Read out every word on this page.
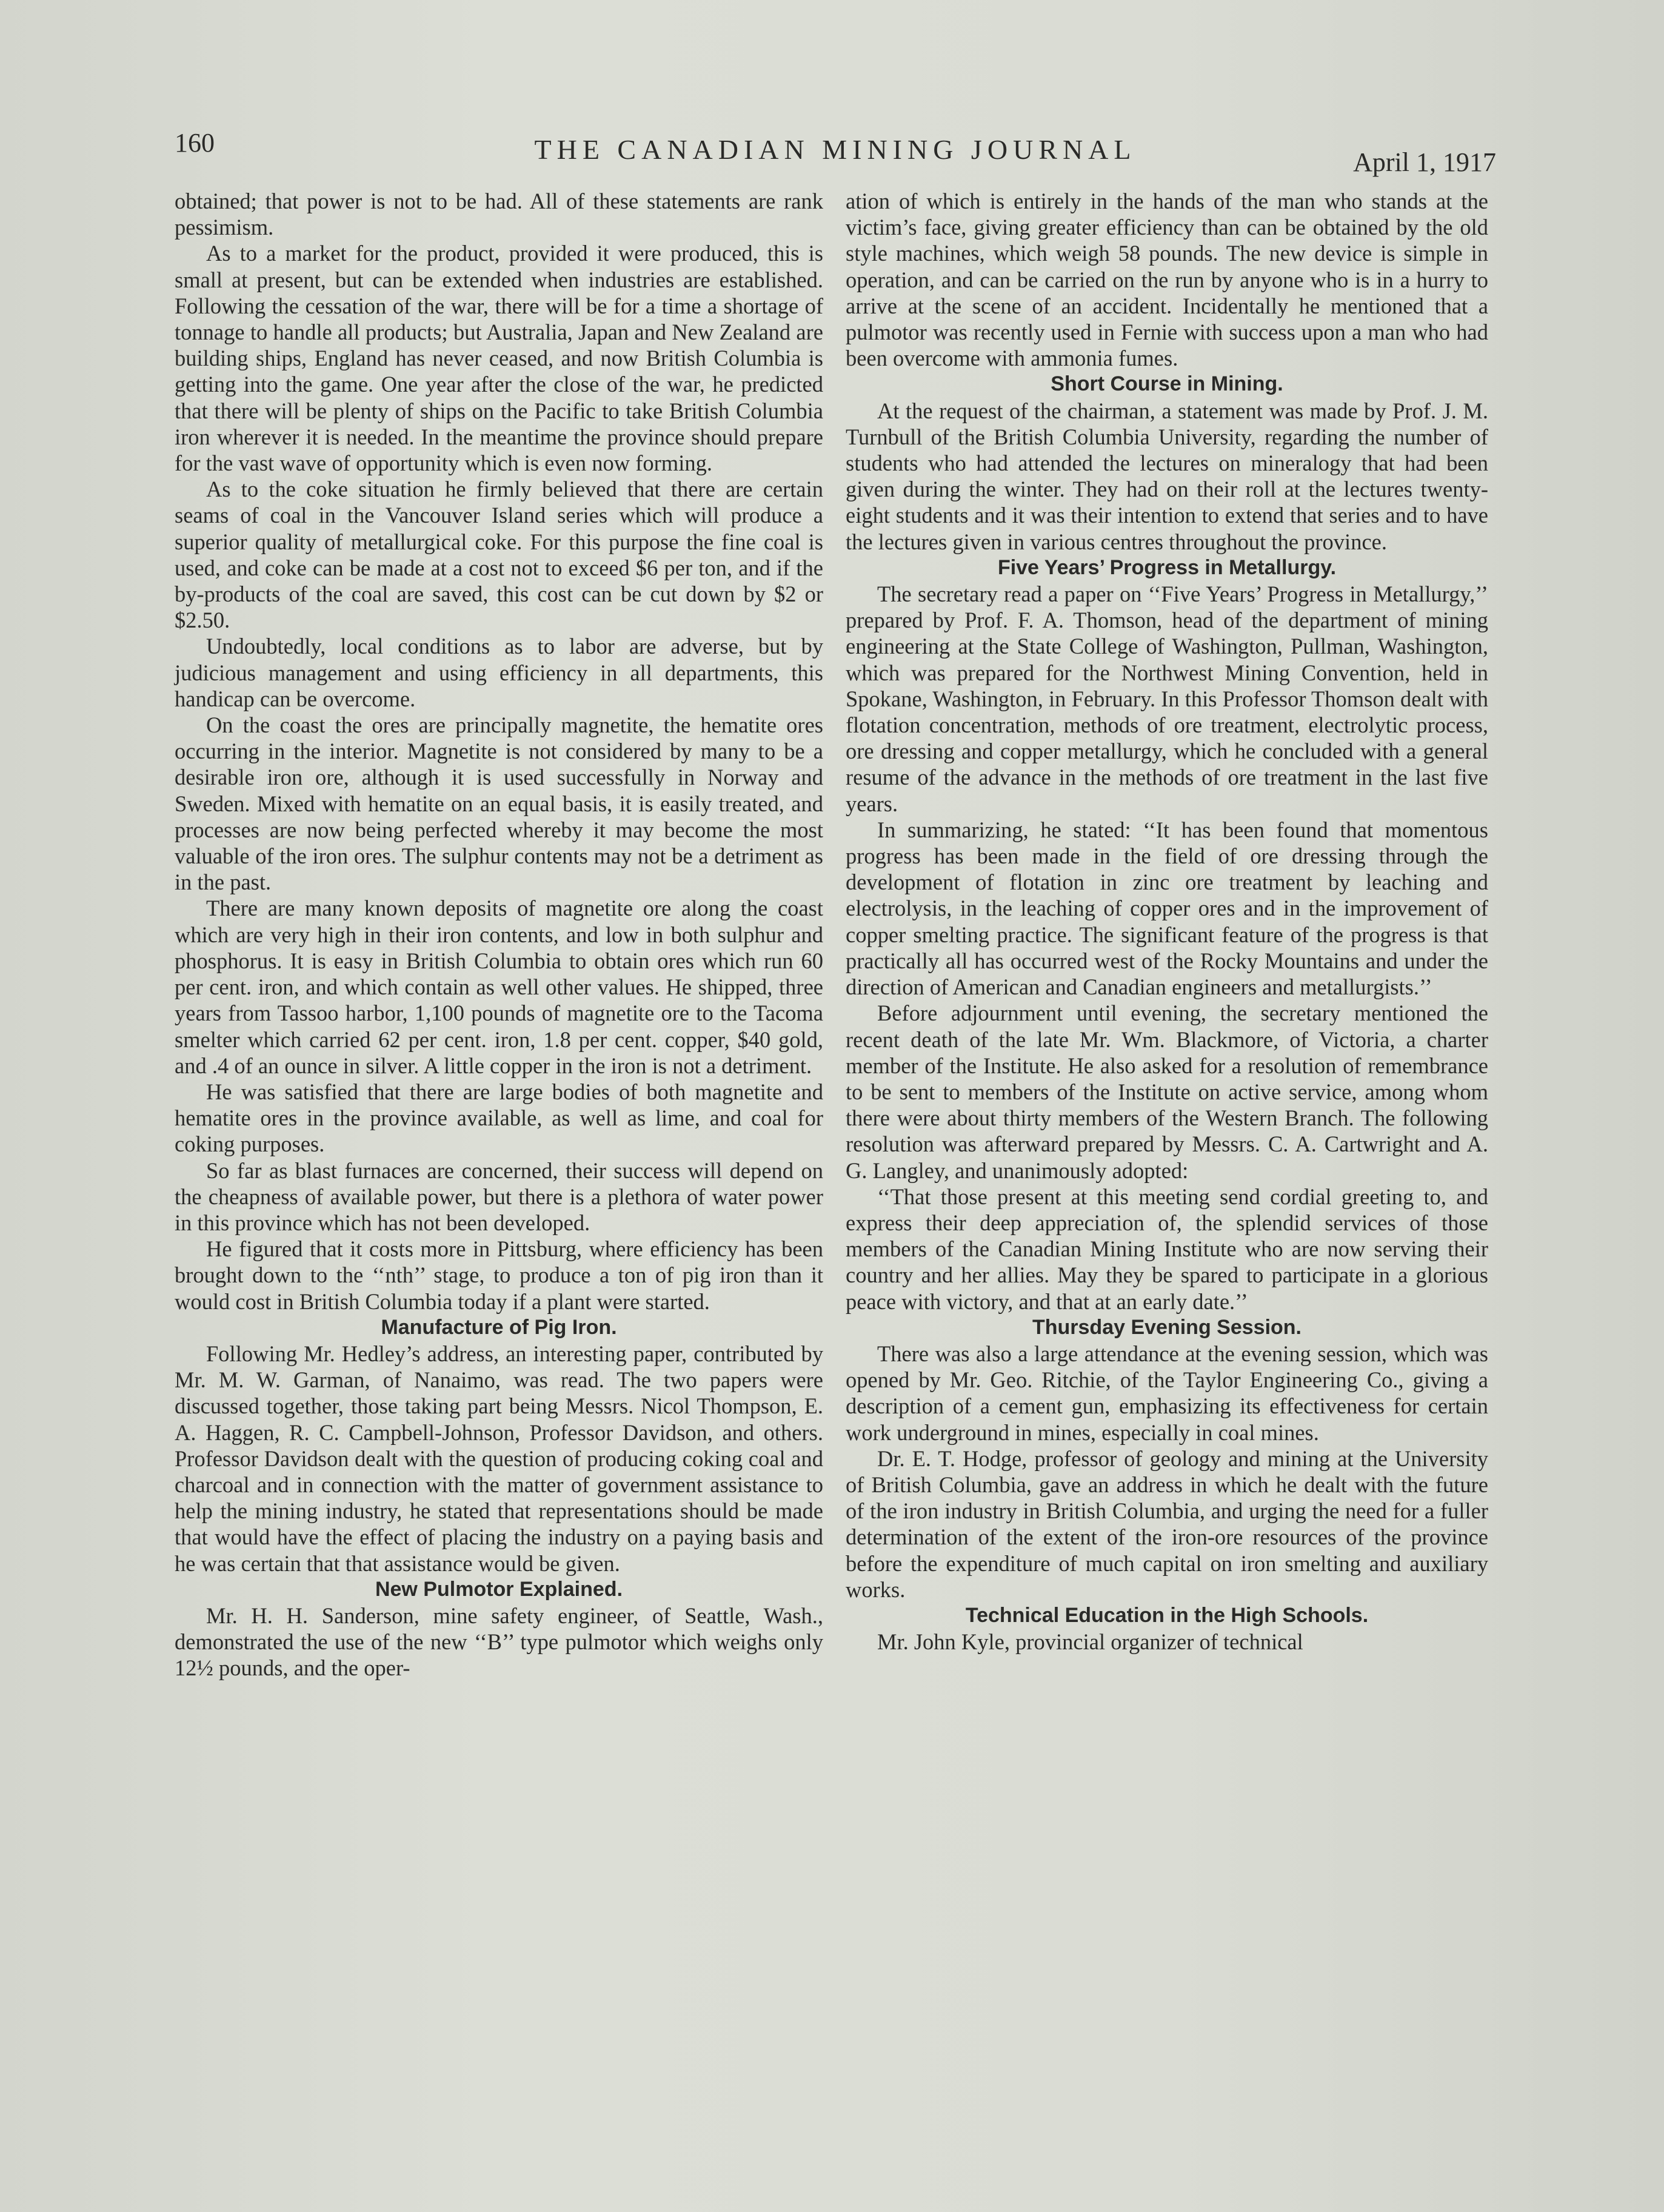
160	THE CANADIAN MINING JOURNAL	April 1, 1917

obtained; that power is not to be had. All of these statements are rank pessimism.

As to a market for the product, provided it were produced, this is small at present, but can be extended when industries are established. Following the cessation of the war, there will be for a time a shortage of tonnage to handle all products; but Australia, Japan and New Zealand are building ships, England has never ceased, and now British Columbia is getting into the game. One year after the close of the war, he predicted that there will be plenty of ships on the Pacific to take British Columbia iron wherever it is needed. In the meantime the province should prepare for the vast wave of opportunity which is even now forming.

As to the coke situation he firmly believed that there are certain seams of coal in the Vancouver Island series which will produce a superior quality of metallurgical coke. For this purpose the fine coal is used, and coke can be made at a cost not to exceed $6 per ton, and if the by-products of the coal are saved, this cost can be cut down by $2 or $2.50.

Undoubtedly, local conditions as to labor are adverse, but by judicious management and using efficiency in all departments, this handicap can be overcome.

On the coast the ores are principally magnetite, the hematite ores occurring in the interior. Magnetite is not considered by many to be a desirable iron ore, although it is used successfully in Norway and Sweden. Mixed with hematite on an equal basis, it is easily treated, and processes are now being perfected whereby it may become the most valuable of the iron ores. The sulphur contents may not be a detriment as in the past.

There are many known deposits of magnetite ore along the coast which are very high in their iron contents, and low in both sulphur and phosphorus. It is easy in British Columbia to obtain ores which run 60 per cent. iron, and which contain as well other values. He shipped, three years from Tassoo harbor, 1,100 pounds of magnetite ore to the Tacoma smelter which carried 62 per cent. iron, 1.8 per cent. copper, $40 gold, and .4 of an ounce in silver. A little copper in the iron is not a detriment.

He was satisfied that there are large bodies of both magnetite and hematite ores in the province available, as well as lime, and coal for coking purposes.

So far as blast furnaces are concerned, their success will depend on the cheapness of available power, but there is a plethora of water power in this province which has not been developed.

He figured that it costs more in Pittsburg, where efficiency has been brought down to the ‘‘nth’’ stage, to produce a ton of pig iron than it would cost in British Columbia today if a plant were started.

Manufacture of Pig Iron.

Following Mr. Hedley’s address, an interesting paper, contributed by Mr. M. W. Garman, of Nanaimo, was read. The two papers were discussed together, those taking part being Messrs. Nicol Thompson, E. A. Haggen, R. C. Campbell-Johnson, Professor Davidson, and others. Professor Davidson dealt with the question of producing coking coal and charcoal and in connection with the matter of government assistance to help the mining industry, he stated that representations should be made that would have the effect of placing the industry on a paying basis and he was certain that that assistance would be given.

New Pulmotor Explained.

Mr. H. H. Sanderson, mine safety engineer, of Seattle, Wash., demonstrated the use of the new ‘‘B’’ type pulmotor which weighs only 12½ pounds, and the oper-

ation of which is entirely in the hands of the man who stands at the victim’s face, giving greater efficiency than can be obtained by the old style machines, which weigh 58 pounds. The new device is simple in operation, and can be carried on the run by anyone who is in a hurry to arrive at the scene of an accident. Incidentally he mentioned that a pulmotor was recently used in Fernie with success upon a man who had been overcome with ammonia fumes.

Short Course in Mining.

At the request of the chairman, a statement was made by Prof. J. M. Turnbull of the British Columbia University, regarding the number of students who had attended the lectures on mineralogy that had been given during the winter. They had on their roll at the lectures twenty-eight students and it was their intention to extend that series and to have the lectures given in various centres throughout the province.

Five Years’ Progress in Metallurgy.

The secretary read a paper on ‘‘Five Years’ Progress in Metallurgy,’’ prepared by Prof. F. A. Thomson, head of the department of mining engineering at the State College of Washington, Pullman, Washington, which was prepared for the Northwest Mining Convention, held in Spokane, Washington, in February. In this Professor Thomson dealt with flotation concentration, methods of ore treatment, electrolytic process, ore dressing and copper metallurgy, which he concluded with a general resume of the advance in the methods of ore treatment in the last five years.

In summarizing, he stated: ‘‘It has been found that momentous progress has been made in the field of ore dressing through the development of flotation in zinc ore treatment by leaching and electrolysis, in the leaching of copper ores and in the improvement of copper smelting practice. The significant feature of the progress is that practically all has occurred west of the Rocky Mountains and under the direction of American and Canadian engineers and metallurgists.’’

Before adjournment until evening, the secretary mentioned the recent death of the late Mr. Wm. Blackmore, of Victoria, a charter member of the Institute. He also asked for a resolution of remembrance to be sent to members of the Institute on active service, among whom there were about thirty members of the Western Branch. The following resolution was afterward prepared by Messrs. C. A. Cartwright and A. G. Langley, and unanimously adopted:

‘‘That those present at this meeting send cordial greeting to, and express their deep appreciation of, the splendid services of those members of the Canadian Mining Institute who are now serving their country and her allies. May they be spared to participate in a glorious peace with victory, and that at an early date.’’

Thursday Evening Session.

There was also a large attendance at the evening session, which was opened by Mr. Geo. Ritchie, of the Taylor Engineering Co., giving a description of a cement gun, emphasizing its effectiveness for certain work underground in mines, especially in coal mines.

Dr. E. T. Hodge, professor of geology and mining at the University of British Columbia, gave an address in which he dealt with the future of the iron industry in British Columbia, and urging the need for a fuller determination of the extent of the iron-ore resources of the province before the expenditure of much capital on iron smelting and auxiliary works.

Technical Education in the High Schools.

Mr. John Kyle, provincial organizer of technical
